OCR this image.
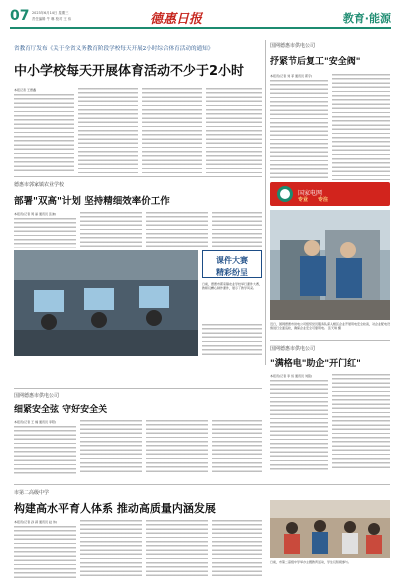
07 2023年6月14日 星期三
责任编辑 牛 琳 校对 王 伟	德惠日报	教育·能源
省教育厅发布《关于全省义务教育阶段学校每天开展2小时综合体育活动的通知》
中小学校每天开展体育活动不少于2小时
本报记者 王德鑫
国网德惠市供电公司
抒紧节后复工"安全阀"
本报讯(记者 刘 菲 通讯员 郭宇)
国家电网
专业 专注
近日，国网德惠市供电公司组织党员服务队深入辖区企业开展用电安全检查，对企业配电设施进行全面巡检，确保企业安全可靠用电。 张天琪 摄
德惠市郭家镇农业学校
部署"双高"计划 坚持精细效率价工作
本报讯(记者 周 丽 通讯员 张迪)
课件大赛
精彩纷呈
日前，德惠市郭家镇农业学校举行课件大赛，教师们精心制作课件，展示了教学风采。
国网德惠市供电公司
"满格电"助企"开门红"
本报讯(记者 李 恒 通讯员 刘铭)
国网德惠市供电公司
细紧安全弦 守好安全关
本报讯(记者 王 楠 通讯员 李阳)
市第二高级中学
构建高水平育人体系 推动高质量内涵发展
本报讯(记者 孙 颖 通讯员 赵 伟)
日前，市第二高级中学举办主题教育活动，学生们积极参与。
